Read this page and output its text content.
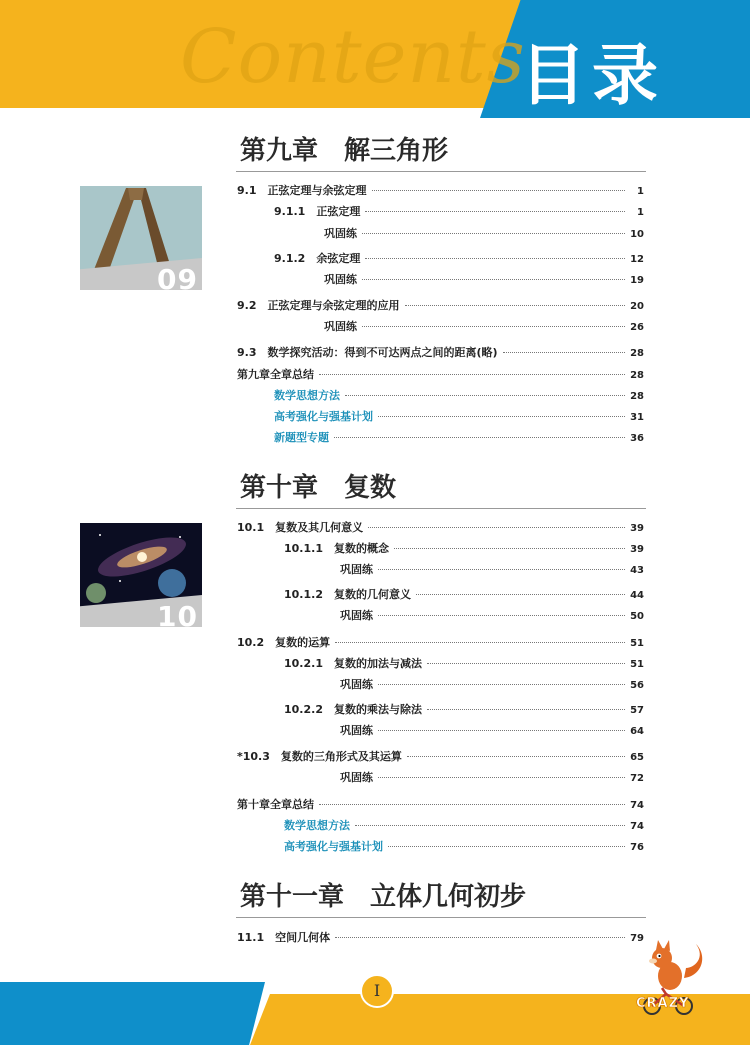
Contents
目录
第九章 解三角形
09
9.1　正弦定理与余弦定理	1
9.1.1　正弦定理	1
巩固练	10
9.1.2　余弦定理	12
巩固练	19
9.2　正弦定理与余弦定理的应用	20
巩固练	26
9.3　数学探究活动：得到不可达两点之间的距离(略)	28
第九章全章总结	28
数学思想方法	28
高考强化与强基计划	31
新题型专题	36
第十章 复数
10
10.1　复数及其几何意义	39
10.1.1　复数的概念	39
巩固练	43
10.1.2　复数的几何意义	44
巩固练	50
10.2　复数的运算	51
10.2.1　复数的加法与减法	51
巩固练	56
10.2.2　复数的乘法与除法	57
巩固练	64
*10.3　复数的三角形式及其运算	65
巩固练	72
第十章全章总结	74
数学思想方法	74
高考强化与强基计划	76
第十一章 立体几何初步
11.1　空间几何体	79
I
CRAZY
